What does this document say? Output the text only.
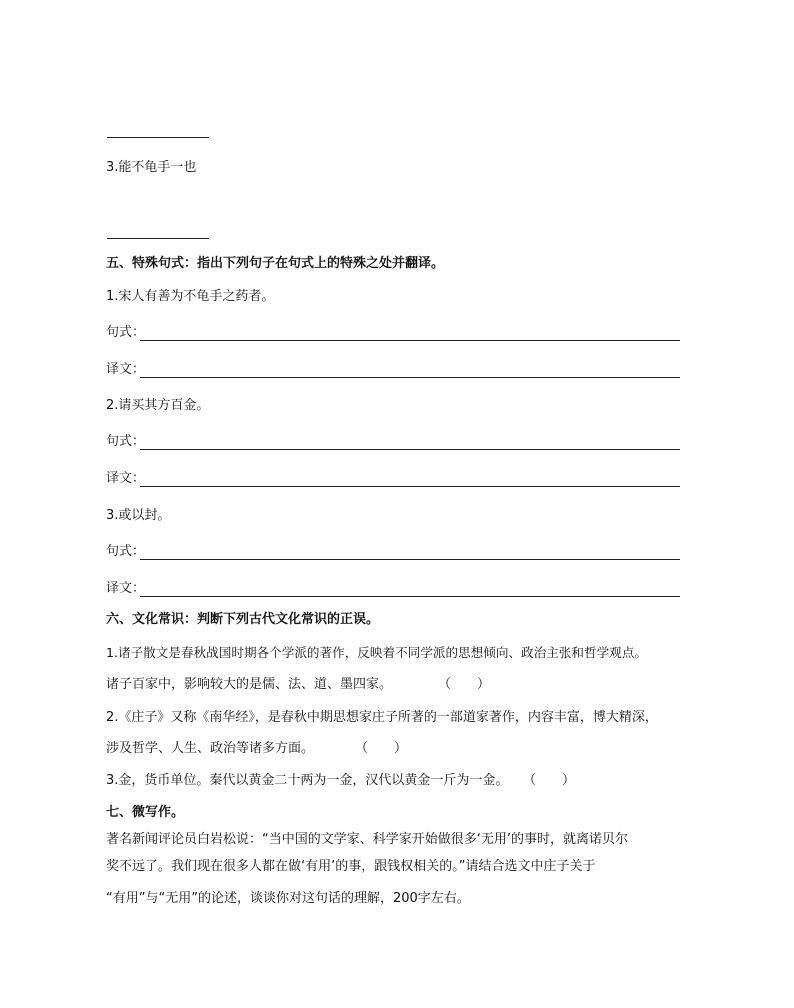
3.能不龟手一也
五、特殊句式：指出下列句子在句式上的特殊之处并翻译。
1.宋人有善为不龟手之药者。
句式：
译文：
2.请买其方百金。
句式：
译文：
3.或以封。
句式：
译文：
六、文化常识：判断下列古代文化常识的正误。
1.诸子散文是春秋战国时期各个学派的著作，反映着不同学派的思想倾向、政治主张和哲学观点。
诸子百家中，影响较大的是儒、法、道、墨四家。	（　　）
2.《庄子》又称《南华经》，是春秋中期思想家庄子所著的一部道家著作，内容丰富，博大精深，
涉及哲学、人生、政治等诸多方面。	（　　）
3.金，货币单位。秦代以黄金二十两为一金，汉代以黄金一斤为一金。 （　　）
七、微写作。
著名新闻评论员白岩松说：“当中国的文学家、科学家开始做很多‘无用’的事时，就离诺贝尔
奖不远了。我们现在很多人都在做‘有用’的事，跟钱权相关的。”请结合选文中庄子关于
“有用”与“无用”的论述，谈谈你对这句话的理解，200字左右。
